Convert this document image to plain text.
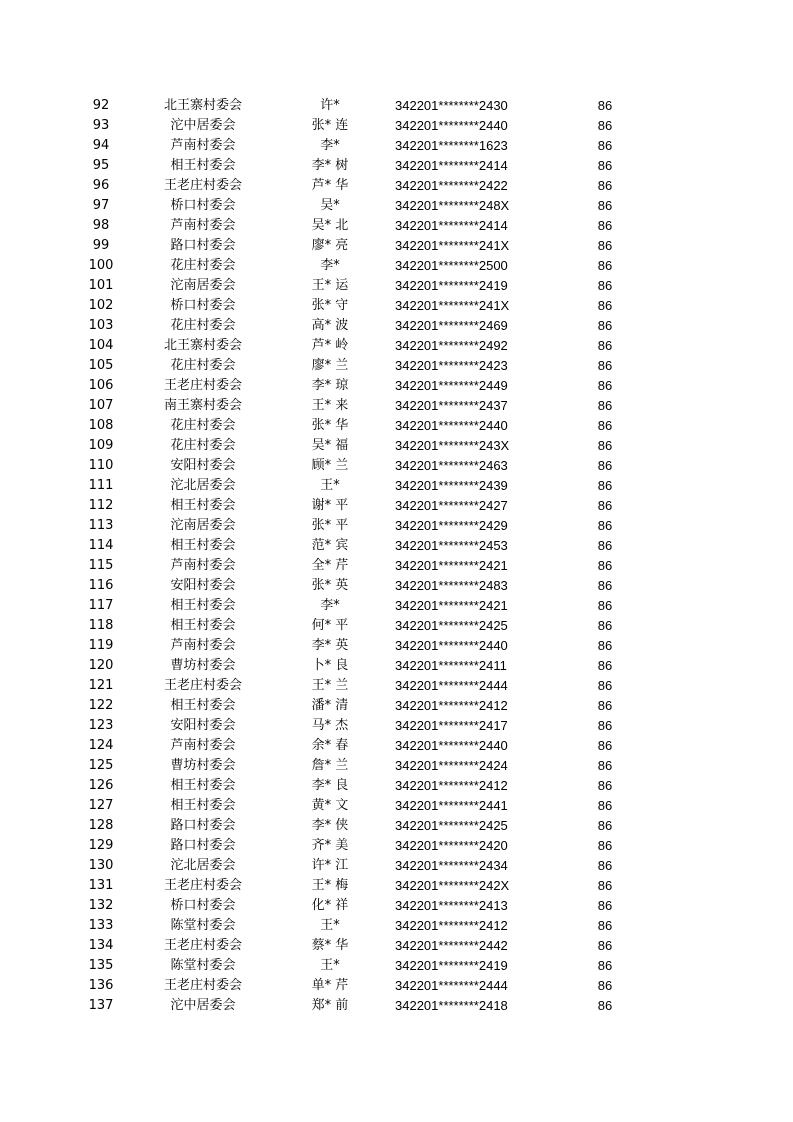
92	北王寨村委会	许*	342201********2430	86
93	沱中居委会	张* 连	342201********2440	86
94	芦南村委会	李*	342201********1623	86
95	相王村委会	李* 树	342201********2414	86
96	王老庄村委会	芦* 华	342201********2422	86
97	桥口村委会	吴*	342201********248X	86
98	芦南村委会	吴* 北	342201********2414	86
99	路口村委会	廖* 亮	342201********241X	86
100	花庄村委会	李*	342201********2500	86
101	沱南居委会	王* 运	342201********2419	86
102	桥口村委会	张* 守	342201********241X	86
103	花庄村委会	高* 波	342201********2469	86
104	北王寨村委会	芦* 岭	342201********2492	86
105	花庄村委会	廖* 兰	342201********2423	86
106	王老庄村委会	李* 琼	342201********2449	86
107	南王寨村委会	王* 来	342201********2437	86
108	花庄村委会	张* 华	342201********2440	86
109	花庄村委会	吴* 福	342201********243X	86
110	安阳村委会	顾* 兰	342201********2463	86
111	沱北居委会	王*	342201********2439	86
112	相王村委会	谢* 平	342201********2427	86
113	沱南居委会	张* 平	342201********2429	86
114	相王村委会	范* 宾	342201********2453	86
115	芦南村委会	全* 芹	342201********2421	86
116	安阳村委会	张* 英	342201********2483	86
117	相王村委会	李*	342201********2421	86
118	相王村委会	何* 平	342201********2425	86
119	芦南村委会	李* 英	342201********2440	86
120	曹坊村委会	卜* 良	342201********2411	86
121	王老庄村委会	王* 兰	342201********2444	86
122	相王村委会	潘* 清	342201********2412	86
123	安阳村委会	马* 杰	342201********2417	86
124	芦南村委会	余* 春	342201********2440	86
125	曹坊村委会	詹* 兰	342201********2424	86
126	相王村委会	李* 良	342201********2412	86
127	相王村委会	黄* 文	342201********2441	86
128	路口村委会	李* 侠	342201********2425	86
129	路口村委会	齐* 美	342201********2420	86
130	沱北居委会	许* 江	342201********2434	86
131	王老庄村委会	王* 梅	342201********242X	86
132	桥口村委会	化* 祥	342201********2413	86
133	陈堂村委会	王*	342201********2412	86
134	王老庄村委会	蔡* 华	342201********2442	86
135	陈堂村委会	王*	342201********2419	86
136	王老庄村委会	单* 芹	342201********2444	86
137	沱中居委会	郑* 前	342201********2418	86
